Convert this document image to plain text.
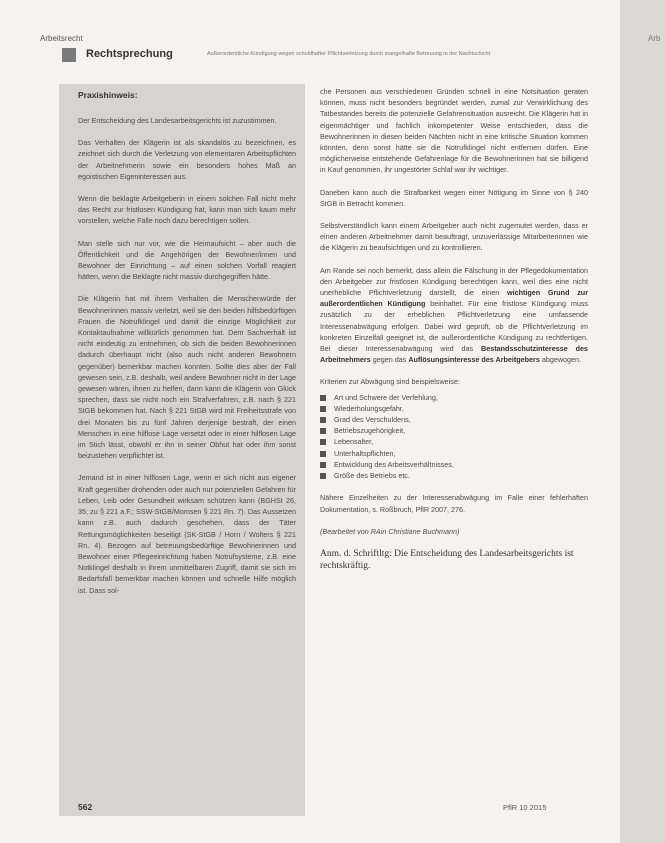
Arb
Arbeitsrecht
Rechtsprechung	Außerordentliche Kündigung wegen schuldhafter Pflichtverletzung durch mangelhafte Betreuung in der Nachtschicht
Praxishinweis:

Der Entscheidung des Landesarbeitsgerichts ist zuzustimmen.

Das Verhalten der Klägerin ist als skandalös zu bezeichnen, es zeichnet sich durch die Verletzung von elementaren Arbeitspflichten der Arbeitnehmerin sowie ein besonders hohes Maß an egoistischen Eigeninteressen aus.

Wenn die beklagte Arbeitgeberin in einem solchen Fall nicht mehr das Recht zur fristlosen Kündigung hat, kann man sich kaum mehr vorstellen, welche Fälle noch dazu berechtigen sollen.

Man stelle sich nur vor, wie die Heimaufsicht – aber auch die Öffentlichkeit und die Angehörigen der Bewohner/innen und Bewohner der Einrichtung – auf einen solchen Vorfall reagiert hätten, wenn die Beklagte nicht massiv durchgegriffen hätte.

Die Klägerin hat mit ihrem Verhalten die Menschenwürde der Bewohnerinnen massiv verletzt, weil sie den beiden hilfsbedürftigen Frauen die Notrufklingel und damit die einzige Möglichkeit zur Kontaktaufnahme willkürlich genommen hat. Dem Sachverhalt ist nicht eindeutig zu entnehmen, ob sich die beiden Bewohnerinnen dadurch überhaupt nicht (also auch nicht anderen Bewohnern gegenüber) bemerkbar machen konnten. Sollte dies aber der Fall gewesen sein, z.B. deshalb, weil andere Bewohner nicht in der Lage gewesen wären, ihnen zu helfen, dann kann die Klägerin von Glück sprechen, dass sie nicht noch ein Strafverfahren, z.B. nach § 221 StGB bekommen hat. Nach § 221 StGB wird mit Freiheitsstrafe von drei Monaten bis zu fünf Jahren derjenige bestraft, der einen Menschen in eine hilflose Lage versetzt oder in einer hilflosen Lage im Stich lässt, obwohl er ihn in seiner Obhut hat oder ihm sonst beizustehen verpflichtet ist.

Jemand ist in einer hilflosen Lage, wenn er sich nicht aus eigener Kraft gegenüber drohenden oder auch nur potenziellen Gefahren für Leben, Leib oder Gesundheit wirksam schützen kann (BGHSt 26, 35; zu § 221 a.F.; SSW-StGB/Momsen § 221 Rn. 7). Das Aussetzen kann z.B. auch dadurch geschehen, dass der Täter Rettungsmöglichkeiten beseitigt (SK-StGB / Horn / Wolters § 221 Rn. 4). Bezogen auf betreuungsbedürftige Bewohnerinnen und Bewohner einer Pflegeeinrichtung haben Notrufsysteme, z.B. eine Notklingel deshalb in ihrem unmittelbaren Zugriff, damit sie sich im Bedarfsfall bemerkbar machen können und schnelle Hilfe möglich ist. Dass sol-

che Personen aus verschiedenen Gründen schnell in eine Notsituation geraten können, muss nicht besonders begründet werden, zumal zur Verwirklichung des Tatbestandes bereits die potenzielle Gefahrensituation ausreicht. Die Klägerin hat in eigenmächtiger und fachlich inkompetenter Weise entschieden, dass die Bewohnerinnen in diesen beiden Nächten nicht in eine kritische Situation kommen könnten, denn sonst hätte sie die Notrufklingel nicht entfernen dürfen. Eine möglicherweise entstehende Gefahrenlage für die Bewohnerinnen hat sie billigend in Kauf genommen, ihr ungestörter Schlaf war ihr wichtiger.

Daneben kann auch die Strafbarkeit wegen einer Nötigung im Sinne von § 240 StGB in Betracht kommen.

Selbstverständlich kann einem Arbeitgeber auch nicht zugemutet werden, dass er einen anderen Arbeitnehmer damit beauftragt, unzuverlässige Mitarbeiterinnen wie die Klägerin zu beaufsichtigen und zu kontrollieren.

Am Rande sei noch bemerkt, dass allein die Fälschung in der Pflegedokumentation den Arbeitgeber zur fristlosen Kündigung berechtigen kann, weil dies eine nicht unerhebliche Pflichtverletzung darstellt, die einen wichtigen Grund zur außerordentlichen Kündigung beinhaltet. Für eine fristlose Kündigung muss zusätzlich zu der erheblichen Pflichtverletzung eine umfassende Interessenabwägung erfolgen. Dabei wird geprüft, ob die Pflichtverletzung im konkreten Einzelfall geeignet ist, die außerordentliche Kündigung zu rechtfertigen. Bei dieser Interessenabwägung wird das Bestandsschutzinteresse des Arbeitnehmers gegen das Auflösungsinteresse des Arbeitgebers abgewogen.

Kriterien zur Abwägung sind beispielsweise:

Art und Schwere der Verfehlung,
Wiederholungsgefahr,
Grad des Verschuldens,
Betriebszugehörigkeit,
Lebensalter,
Unterhaltspflichten,
Entwicklung des Arbeitsverhältnisses,
Größe des Betriebs etc.

Nähere Einzelheiten zu der Interessenabwägung im Falle einer fehlerhaften Dokumentation, s. Roßbruch, PflR 2007, 276.

(Bearbeitet von RAin Christiane Buchmann)

Anm. d. Schriftltg: Die Entscheidung des Landesarbeitsgerichts ist rechtskräftig.

562	PflR 10 2015
